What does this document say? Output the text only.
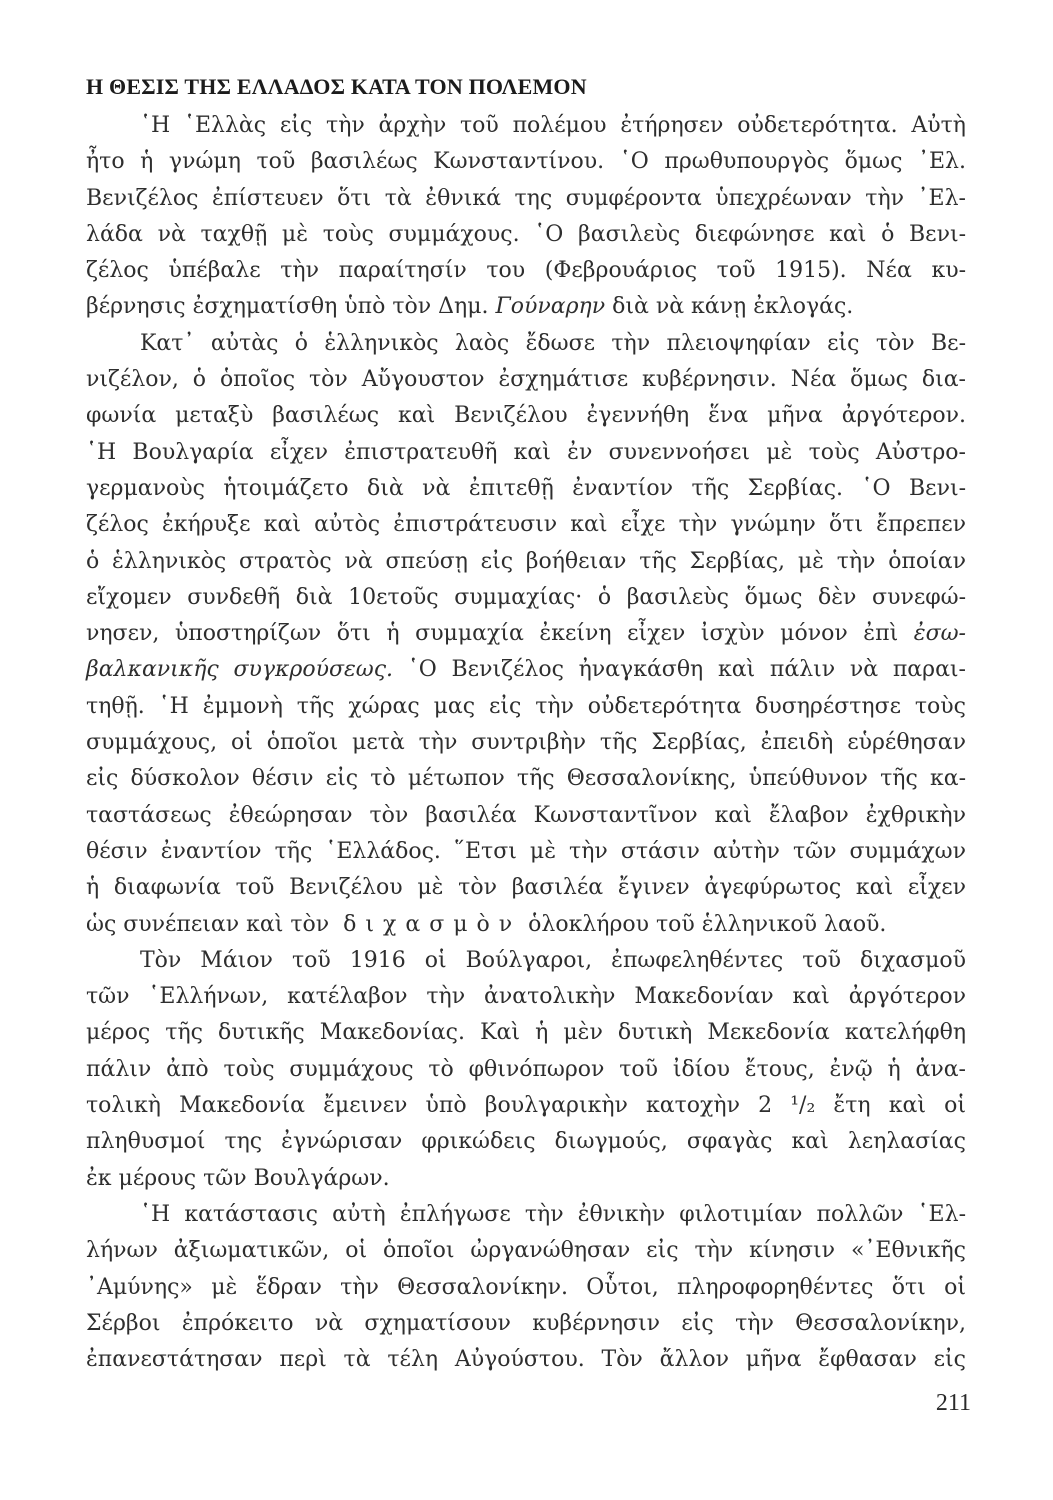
Η ΘΕΣΙΣ ΤΗΣ ΕΛΛΑΔΟΣ ΚΑΤΑ ΤΟΝ ΠΟΛΕΜΟΝ
῾Η ῾Ελλὰς εἰς τὴν ἀρχὴν τοῦ πολέμου ἐτήρησεν οὐδετερότητα. Αὐτὴ
ἦτο ἡ γνώμη τοῦ βασιλέως Κωνσταντίνου. ῾Ο πρωθυπουργὸς ὅμως ᾿Ελ.
Βενιζέλος ἐπίστευεν ὅτι τὰ ἐθνικά της συμφέροντα ὑπεχρέωναν τὴν ᾿Ελ-
λάδα νὰ ταχθῇ μὲ τοὺς συμμάχους. ῾Ο βασιλεὺς διεφώνησε καὶ ὁ Βενι-
ζέλος ὑπέβαλε τὴν παραίτησίν του (Φεβρουάριος τοῦ 1915). Νέα κυ-
βέρνησις ἐσχηματίσθη ὑπὸ τὸν Δημ. Γούναρην διὰ νὰ κάνῃ ἐκλογάς.
Κατ᾿ αὐτὰς ὁ ἑλληνικὸς λαὸς ἔδωσε τὴν πλειοψηφίαν εἰς τὸν Βε-
νιζέλον, ὁ ὁποῖος τὸν Αὔγουστον ἐσχημάτισε κυβέρνησιν. Νέα ὅμως δια-
φωνία μεταξὺ βασιλέως καὶ Βενιζέλου ἐγεννήθη ἕνα μῆνα ἀργότερον.
῾Η Βουλγαρία εἶχεν ἐπιστρατευθῆ καὶ ἐν συνεννοήσει μὲ τοὺς Αὐστρο-
γερμανοὺς ἡτοιμάζετο διὰ νὰ ἐπιτεθῇ ἐναντίον τῆς Σερβίας. ῾Ο Βενι-
ζέλος ἐκήρυξε καὶ αὐτὸς ἐπιστράτευσιν καὶ εἶχε τὴν γνώμην ὅτι ἔπρεπεν
ὁ ἑλληνικὸς στρατὸς νὰ σπεύσῃ εἰς βοήθειαν τῆς Σερβίας, μὲ τὴν ὁποίαν
εἴχομεν συνδεθῆ διὰ 10ετοῦς συμμαχίας· ὁ βασιλεὺς ὅμως δὲν συνεφώ-
νησεν, ὑποστηρίζων ὅτι ἡ συμμαχία ἐκείνη εἶχεν ἰσχὺν μόνον ἐπὶ ἐσω-
βαλκανικῆς συγκρούσεως. ῾Ο Βενιζέλος ἠναγκάσθη καὶ πάλιν νὰ παραι-
τηθῇ. ῾Η ἐμμονὴ τῆς χώρας μας εἰς τὴν οὐδετερότητα δυσηρέστησε τοὺς
συμμάχους, οἱ ὁποῖοι μετὰ τὴν συντριβὴν τῆς Σερβίας, ἐπειδὴ εὑρέθησαν
εἰς δύσκολον θέσιν εἰς τὸ μέτωπον τῆς Θεσσαλονίκης, ὑπεύθυνον τῆς κα-
ταστάσεως ἐθεώρησαν τὸν βασιλέα Κωνσταντῖνον καὶ ἔλαβον ἐχθρικὴν
θέσιν ἐναντίον τῆς ῾Ελλάδος. ῞Ετσι μὲ τὴν στάσιν αὐτὴν τῶν συμμάχων
ἡ διαφωνία τοῦ Βενιζέλου μὲ τὸν βασιλέα ἔγινεν ἀγεφύρωτος καὶ εἶχεν
ὡς συνέπειαν καὶ τὸν διχασμὸν ὁλοκλήρου τοῦ ἑλληνικοῦ λαοῦ.
Τὸν Μάιον τοῦ 1916 οἱ Βούλγαροι, ἐπωφεληθέντες τοῦ διχασμοῦ
τῶν ῾Ελλήνων, κατέλαβον τὴν ἀνατολικὴν Μακεδονίαν καὶ ἀργότερον
μέρος τῆς δυτικῆς Μακεδονίας. Καὶ ἡ μὲν δυτικὴ Μεκεδονία κατελήφθη
πάλιν ἀπὸ τοὺς συμμάχους τὸ φθινόπωρον τοῦ ἰδίου ἔτους, ἐνῷ ἡ ἀνα-
τολικὴ Μακεδονία ἔμεινεν ὑπὸ βουλγαρικὴν κατοχὴν 2 ¹/₂ ἔτη καὶ οἱ
πληθυσμοί της ἐγνώρισαν φρικώδεις διωγμούς, σφαγὰς καὶ λεηλασίας
ἐκ μέρους τῶν Βουλγάρων.
῾Η κατάστασις αὐτὴ ἐπλήγωσε τὴν ἐθνικὴν φιλοτιμίαν πολλῶν ῾Ελ-
λήνων ἀξιωματικῶν, οἱ ὁποῖοι ὠργανώθησαν εἰς τὴν κίνησιν «᾿Εθνικῆς
᾿Αμύνης» μὲ ἕδραν τὴν Θεσσαλονίκην. Οὗτοι, πληροφορηθέντες ὅτι οἱ
Σέρβοι ἐπρόκειτο νὰ σχηματίσουν κυβέρνησιν εἰς τὴν Θεσσαλονίκην,
ἐπανεστάτησαν περὶ τὰ τέλη Αὐγούστου. Τὸν ἄλλον μῆνα ἔφθασαν εἰς
211
